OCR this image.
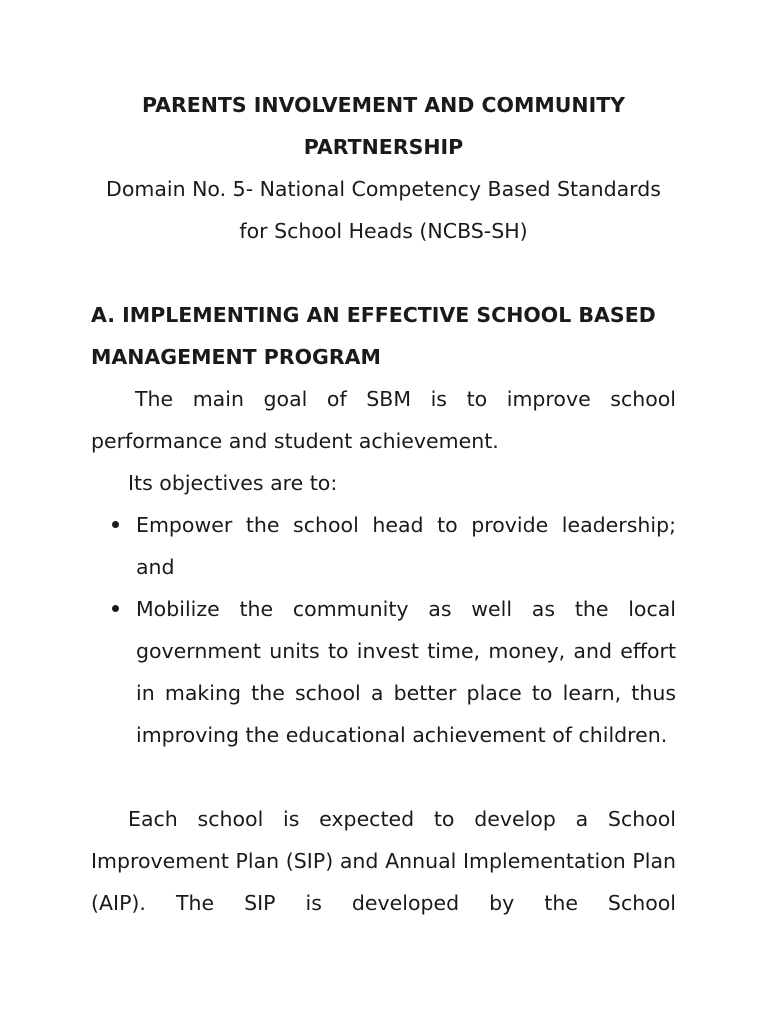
PARENTS INVOLVEMENT AND COMMUNITY

PARTNERSHIP

Domain No. 5- National Competency Based Standards for School Heads (NCBS-SH)

A. IMPLEMENTING AN EFFECTIVE SCHOOL BASED MANAGEMENT PROGRAM

The main goal of SBM is to improve school performance and student achievement.

Its objectives are to:

Empower the school head to provide leadership; and
Mobilize the community as well as the local government units to invest time, money, and effort in making the school a better place to learn, thus improving the educational achievement of children.

Each school is expected to develop a School Improvement Plan (SIP) and Annual Implementation Plan (AIP). The SIP is developed by the School
